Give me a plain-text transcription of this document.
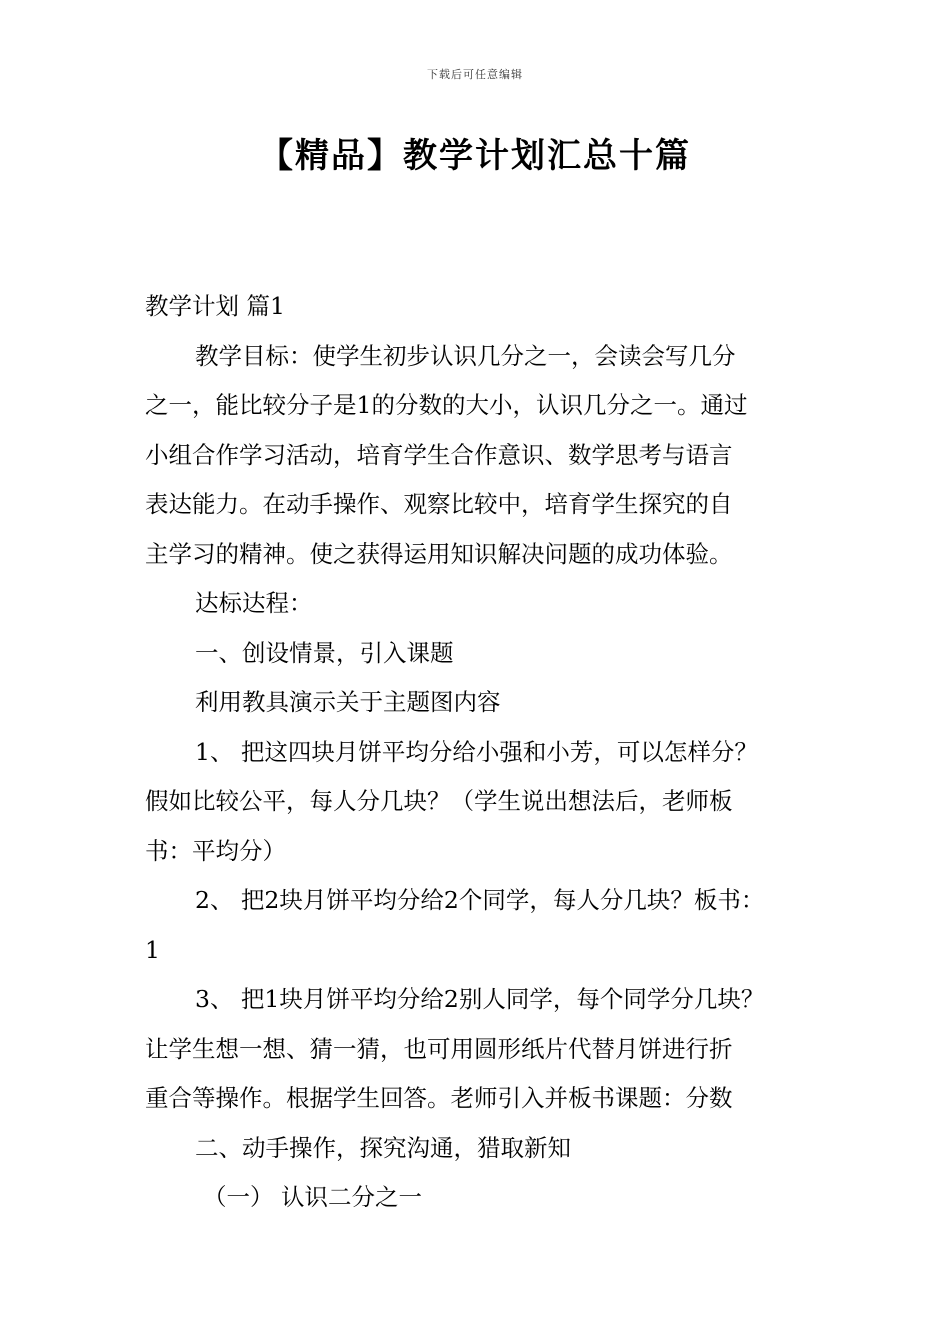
下载后可任意编辑
【精品】教学计划汇总十篇

教学计划 篇1

教学目标：使学生初步认识几分之一，会读会写几分

之一，能比较分子是1的分数的大小，认识几分之一。通过

小组合作学习活动，培育学生合作意识、数学思考与语言

表达能力。在动手操作、观察比较中，培育学生探究的自

主学习的精神。使之获得运用知识解决问题的成功体验。

达标达程：

一、创设情景，引入课题

利用教具演示关于主题图内容

1、 把这四块月饼平均分给小强和小芳，可以怎样分？

假如比较公平，每人分几块？（学生说出想法后，老师板

书：平均分）

2、 把2块月饼平均分给2个同学，每人分几块？板书：

1

3、 把1块月饼平均分给2别人同学，每个同学分几块？

让学生想一想、猜一猜，也可用圆形纸片代替月饼进行折

重合等操作。根据学生回答。老师引入并板书课题：分数

二、动手操作，探究沟通，猎取新知

（一） 认识二分之一
